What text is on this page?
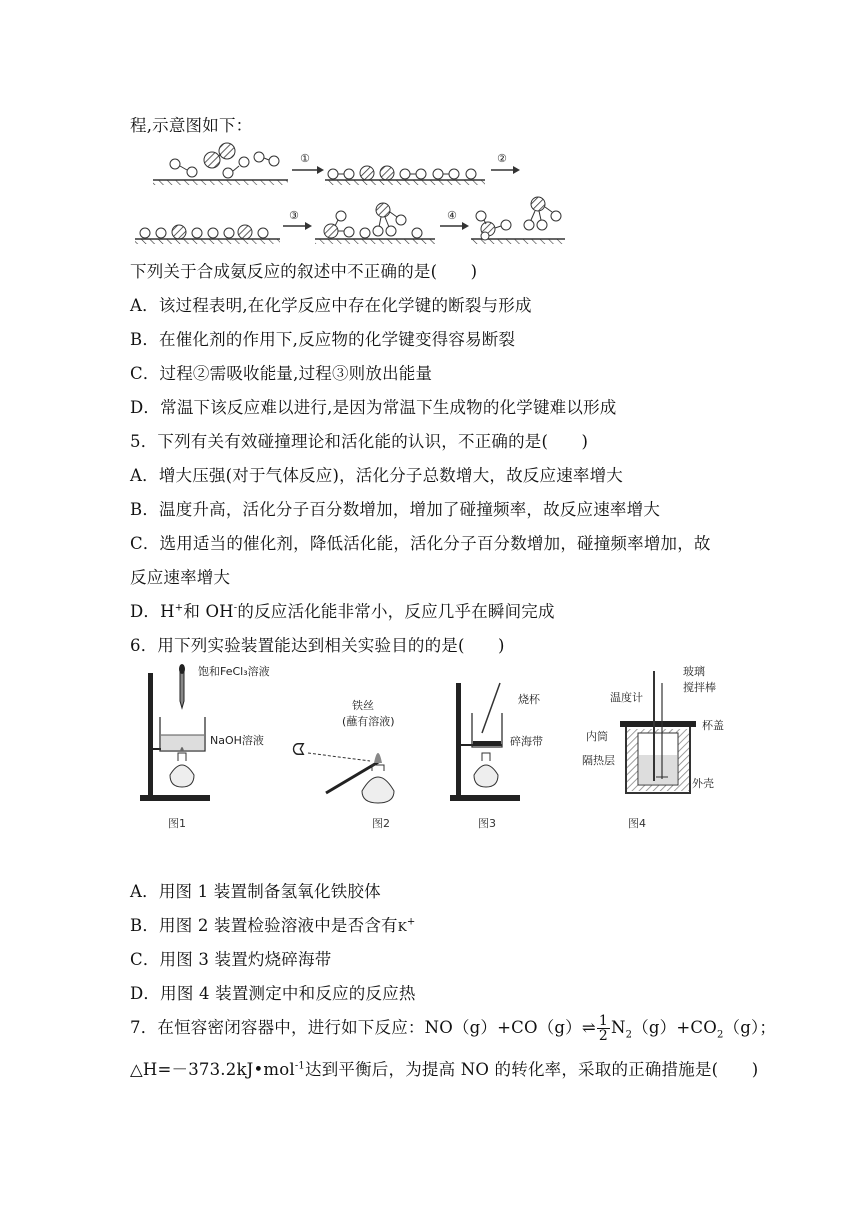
程,示意图如下：
①	②
③	④
下列关于合成氨反应的叙述中不正确的是(　　)
A．该过程表明,在化学反应中存在化学键的断裂与形成
B．在催化剂的作用下,反应物的化学键变得容易断裂
C．过程②需吸收能量,过程③则放出能量
D．常温下该反应难以进行,是因为常温下生成物的化学键难以形成
5．下列有关有效碰撞理论和活化能的认识，不正确的是(　　)
A．增大压强(对于气体反应)，活化分子总数增大，故反应速率增大
B．温度升高，活化分子百分数增加，增加了碰撞频率，故反应速率增大
C．选用适当的催化剂，降低活化能，活化分子百分数增加，碰撞频率增加，故
反应速率增大
D．H+和 OH-的反应活化能非常小，反应几乎在瞬间完成
6．用下列实验装置能达到相关实验目的的是(　　)
饱和FeCl₃溶液
NaOH溶液
图1
铁丝
(蘸有溶液)
ᗧ
图2
烧杯
碎海带
图3
温度计
玻璃
搅拌棒
杯盖
内筒
隔热层
外壳
图4
A．用图 1 装置制备氢氧化铁胶体
B．用图 2 装置检验溶液中是否含有K+
C．用图 3 装置灼烧碎海带
D．用图 4 装置测定中和反应的反应热
7．在恒容密闭容器中，进行如下反应：NO（g）+CO（g）⇌ $\frac{1}{2} N_2(g)+CO_2(g)$；
△H=－373.2kJ•mol$^{-1}$达到平衡后，为提高 NO 的转化率，采取的正确措施是(　　)
